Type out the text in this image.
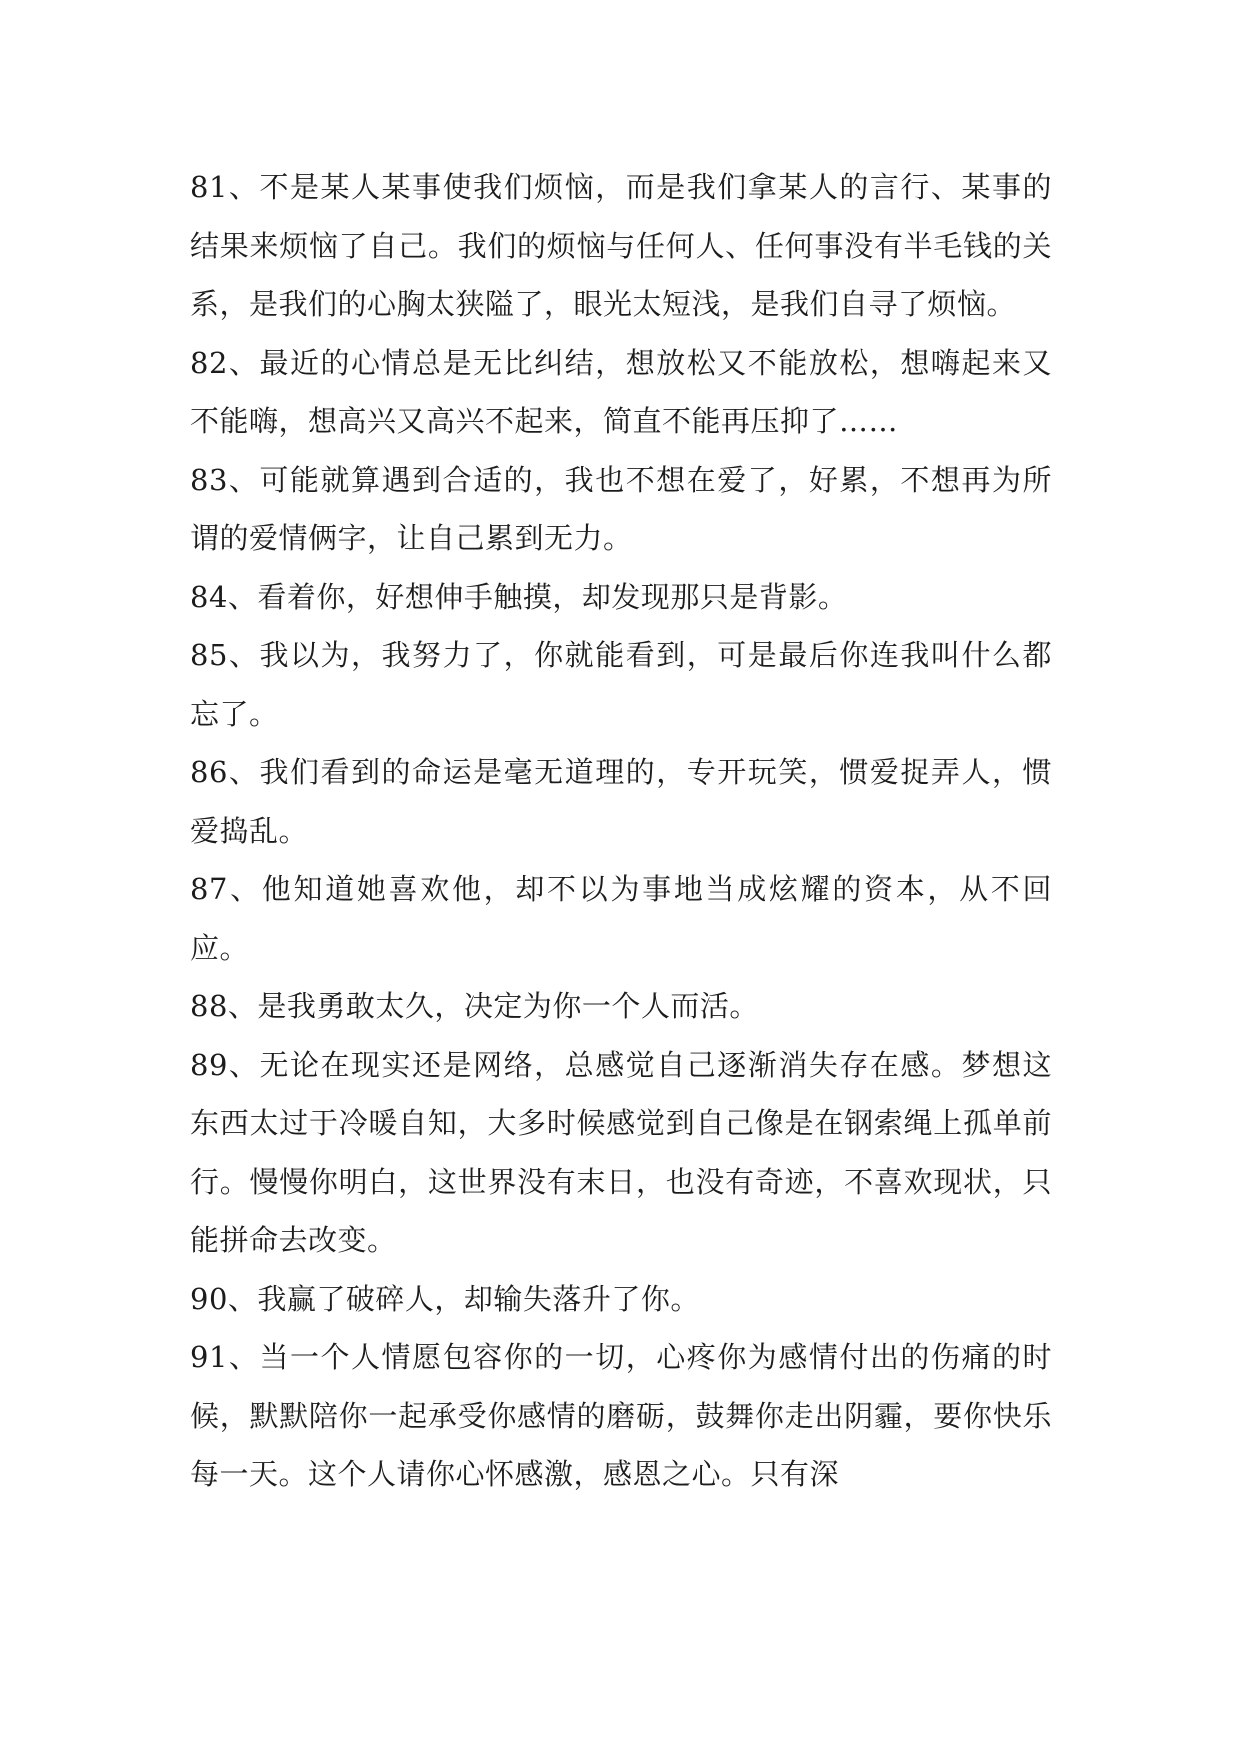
81、不是某人某事使我们烦恼，而是我们拿某人的言行、某事的结果来烦恼了自己。我们的烦恼与任何人、任何事没有半毛钱的关系，是我们的心胸太狭隘了，眼光太短浅，是我们自寻了烦恼。

82、最近的心情总是无比纠结，想放松又不能放松，想嗨起来又不能嗨，想高兴又高兴不起来，简直不能再压抑了……

83、可能就算遇到合适的，我也不想在爱了，好累，不想再为所谓的爱情俩字，让自己累到无力。

84、看着你，好想伸手触摸，却发现那只是背影。

85、我以为，我努力了，你就能看到，可是最后你连我叫什么都忘了。

86、我们看到的命运是毫无道理的，专开玩笑，惯爱捉弄人，惯爱捣乱。

87、他知道她喜欢他，却不以为事地当成炫耀的资本，从不回应。

88、是我勇敢太久，决定为你一个人而活。

89、无论在现实还是网络，总感觉自己逐渐消失存在感。梦想这东西太过于冷暖自知，大多时候感觉到自己像是在钢索绳上孤单前行。慢慢你明白，这世界没有末日，也没有奇迹，不喜欢现状，只能拼命去改变。

90、我赢了破碎人，却输失落升了你。

91、当一个人情愿包容你的一切，心疼你为感情付出的伤痛的时候，默默陪你一起承受你感情的磨砺，鼓舞你走出阴霾，要你快乐每一天。这个人请你心怀感激，感恩之心。只有深
